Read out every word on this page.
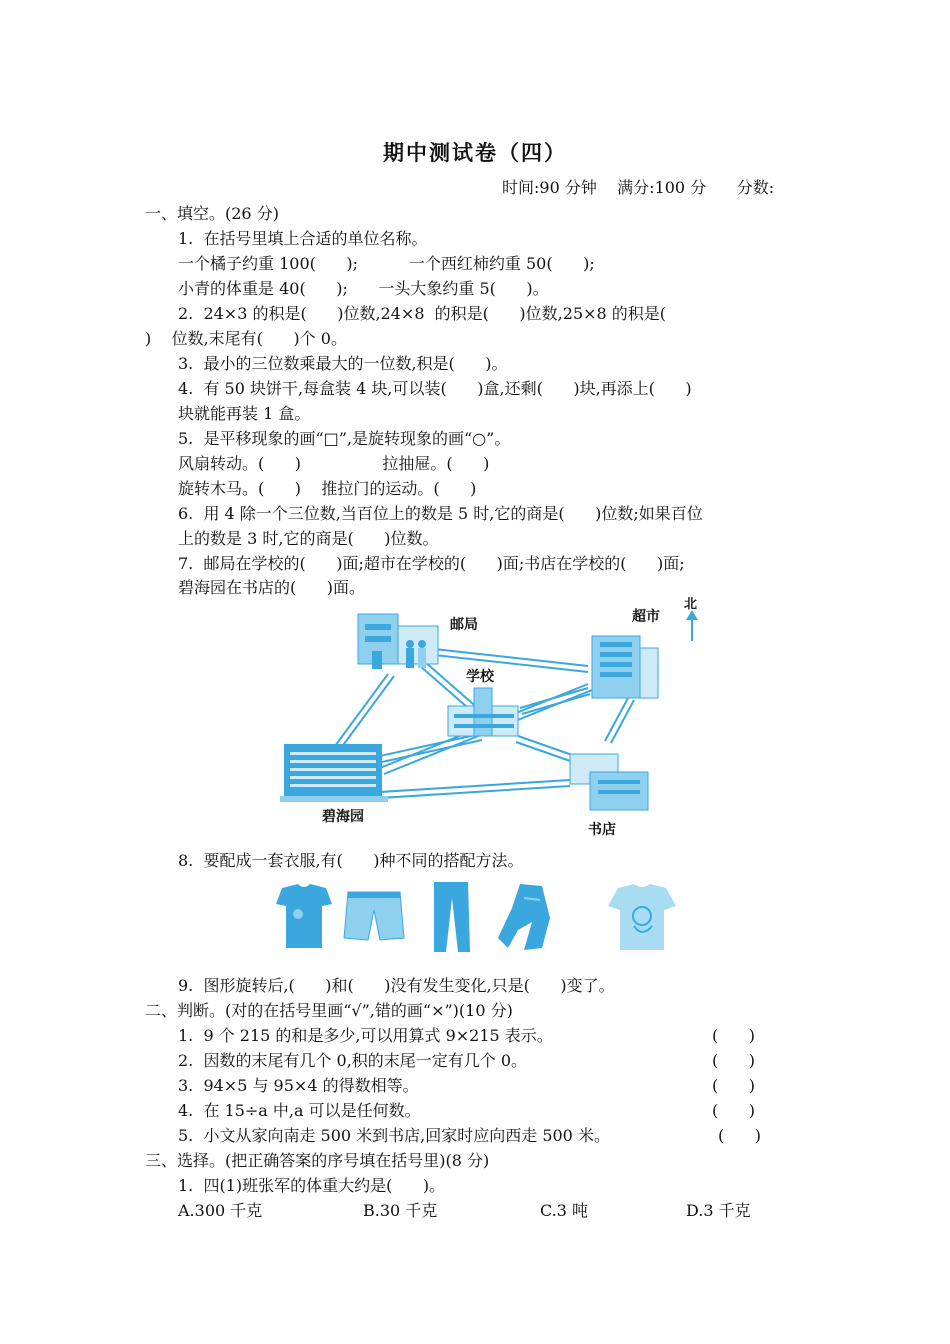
期中测试卷（四）
时间:90 分钟    满分:100 分      分数:
一、填空。(26 分)
1.  在括号里填上合适的单位名称。
一个橘子约重 100(      );          一个西红柿约重 50(      );
小青的体重是 40(      );      一头大象约重 5(      )。
2.  24×3 的积是(      )位数,24×8  的积是(      )位数,25×8 的积是(
)    位数,末尾有(      )个 0。
3.  最小的三位数乘最大的一位数,积是(      )。
4.  有 50 块饼干,每盒装 4 块,可以装(      )盒,还剩(      )块,再添上(      )
块就能再装 1 盒。
5.  是平移现象的画“□”,是旋转现象的画“○”。
风扇转动。(      )                拉抽屉。(      )
旋转木马。(      )    推拉门的运动。(      )
6.  用 4 除一个三位数,当百位上的数是 5 时,它的商是(      )位数;如果百位
上的数是 3 时,它的商是(      )位数。
7.  邮局在学校的(      )面;超市在学校的(      )面;书店在学校的(      )面;
碧海园在书店的(      )面。
邮局	超市
北
学校
碧海园
书店
8.  要配成一套衣服,有(      )种不同的搭配方法。
9.  图形旋转后,(      )和(      )没有发生变化,只是(      )变了。
二、判断。(对的在括号里画“√”,错的画“×”)(10 分)
1.  9 个 215 的和是多少,可以用算式 9×215 表示。	(      )
2.  因数的末尾有几个 0,积的末尾一定有几个 0。	(      )
3.  94×5 与 95×4 的得数相等。	(      )
4.  在 15÷a 中,a 可以是任何数。	(      )
5.  小文从家向南走 500 米到书店,回家时应向西走 500 米。	(      )
三、选择。(把正确答案的序号填在括号里)(8 分)
1.  四(1)班张军的体重大约是(      )。
A.300 千克	B.30 千克	C.3 吨	D.3 千克
